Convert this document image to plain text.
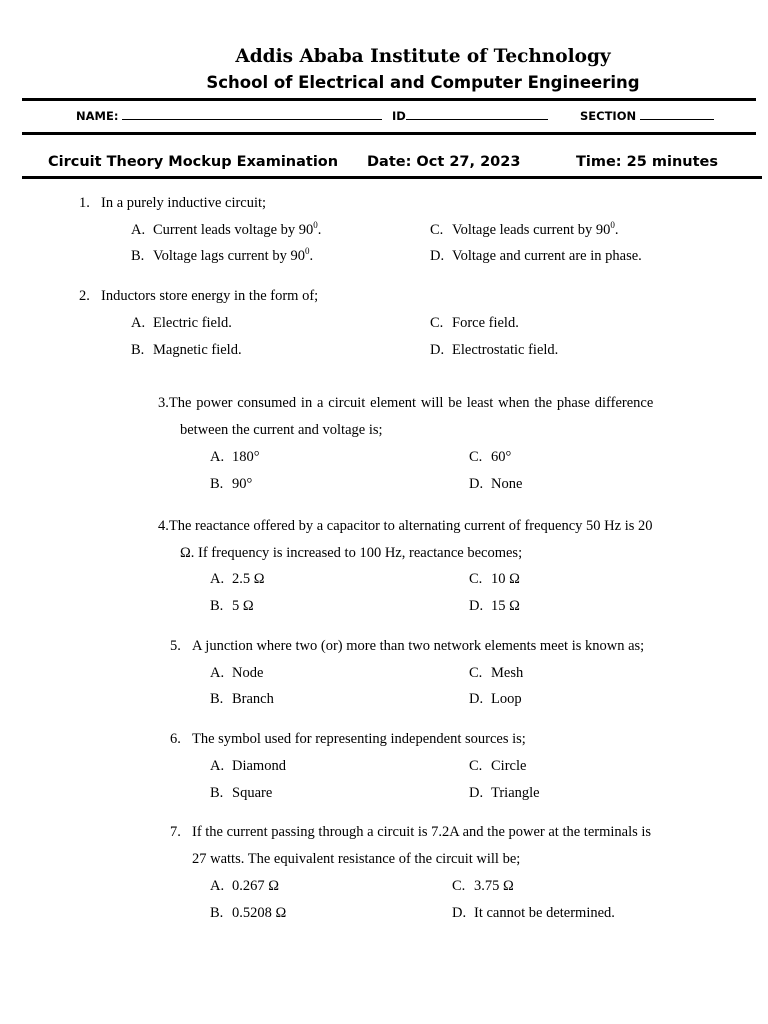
Addis Ababa Institute of Technology
School of Electrical and Computer Engineering
NAME:	ID	SECTION
Circuit Theory Mockup Examination Date: Oct 27, 2023	Time: 25 minutes
1. In a purely inductive circuit;
A. Current leads voltage by $90^0$.
B. Voltage lags current by $90^0$.
C. Voltage leads current by $90^0$.
D. Voltage and current are in phase.
2. Inductors store energy in the form of;
A. Electric field.
B. Magnetic field.
C. Force field.
D. Electrostatic field.
3.The power consumed in a circuit element will be least when the phase difference
between the current and voltage is;
A. 180°
B. 90°
C. 60°
D. None
4.The reactance offered by a capacitor to alternating current of frequency 50 Hz is 20
Ω. If frequency is increased to 100 Hz, reactance becomes;
A. 2.5 Ω
B. 5 Ω
C. 10 Ω
D. 15 Ω
5. A junction where two (or) more than two network elements meet is known as;
A. Node
B. Branch
C. Mesh
D. Loop
6. The symbol used for representing independent sources is;
A. Diamond
B. Square
C. Circle
D. Triangle
7. If the current passing through a circuit is 7.2A and the power at the terminals is
27 watts. The equivalent resistance of the circuit will be;
A. 0.267 Ω
B. 0.5208 Ω
C. 3.75 Ω
D. It cannot be determined.
